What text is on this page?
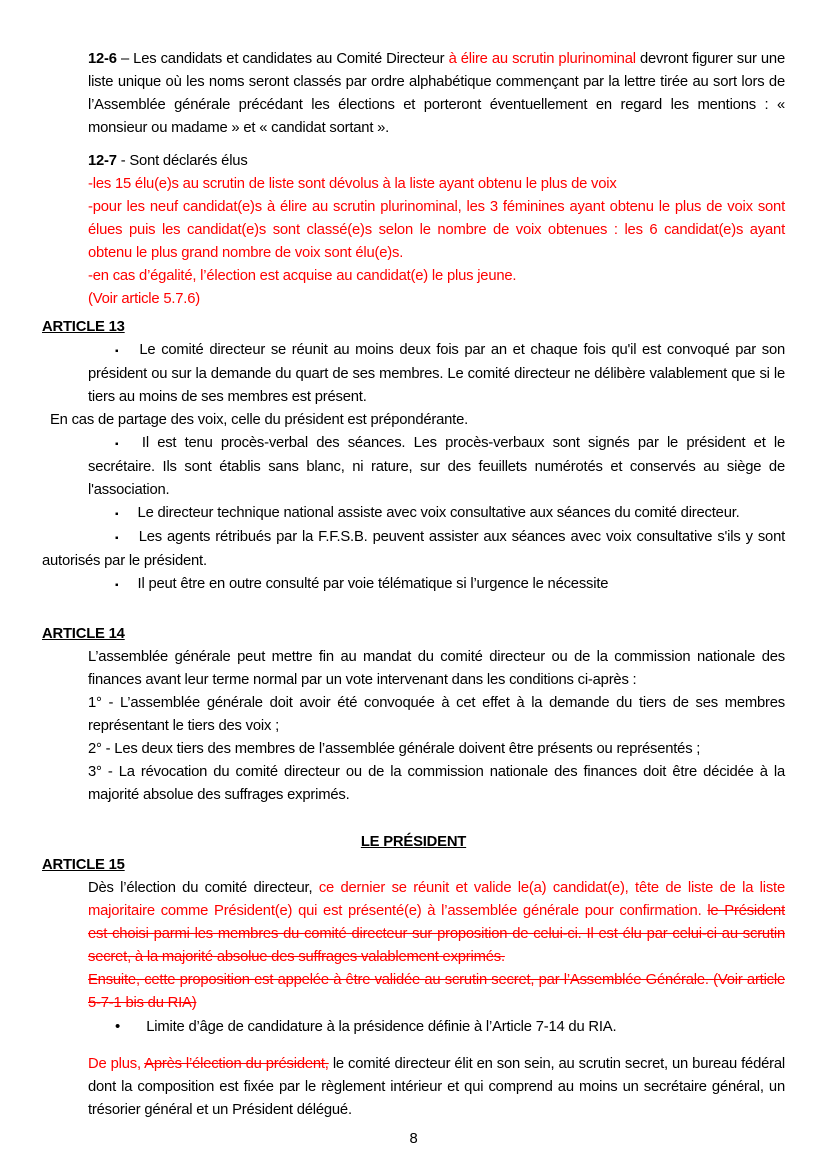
12-6 – Les candidats et candidates au Comité Directeur à élire au scrutin plurinominal devront figurer sur une liste unique où les noms seront classés par ordre alphabétique commençant par la lettre tirée au sort lors de l’Assemblée générale précédant les élections et porteront éventuellement en regard les mentions : « monsieur ou madame » et « candidat sortant ».

12-7 - Sont déclarés élus

-les 15 élu(e)s au scrutin de liste sont dévolus à la liste ayant obtenu le plus de voix

-pour les neuf candidat(e)s à élire au scrutin plurinominal, les 3 féminines ayant obtenu le plus de voix sont élues puis les candidat(e)s sont classé(e)s selon le nombre de voix obtenues : les 6 candidat(e)s ayant obtenu le plus grand nombre de voix sont élu(e)s.

-en cas d’égalité, l’élection est acquise au candidat(e) le plus jeune.

(Voir article 5.7.6)

ARTICLE 13

▪ Le comité directeur se réunit au moins deux fois par an et chaque fois qu'il est convoqué par son président ou sur la demande du quart de ses membres. Le comité directeur ne délibère valablement que si le tiers au moins de ses membres est présent.

En cas de partage des voix, celle du président est prépondérante.

▪ Il est tenu procès-verbal des séances. Les procès-verbaux sont signés par le président et le secrétaire. Ils sont établis sans blanc, ni rature, sur des feuillets numérotés et conservés au siège de l'association.

▪ Le directeur technique national assiste avec voix consultative aux séances du comité directeur.

▪ Les agents rétribués par la F.F.S.B. peuvent assister aux séances avec voix consultative s'ils y sont autorisés par le président.

▪ Il peut être en outre consulté par voie télématique si l’urgence le nécessite

ARTICLE 14

L’assemblée générale peut mettre fin au mandat du comité directeur ou de la commission nationale des finances avant leur terme normal par un vote intervenant dans les conditions ci-après :

1° - L’assemblée générale doit avoir été convoquée à cet effet à la demande du tiers de ses membres représentant le tiers des voix ;

2° - Les deux tiers des membres de l’assemblée générale doivent être présents ou représentés ;

3° - La révocation du comité directeur ou de la commission nationale des finances doit être décidée à la majorité absolue des suffrages exprimés.

LE PRÉSIDENT

ARTICLE 15

Dès l’élection du comité directeur, ce dernier se réunit et valide le(a) candidat(e), tête de liste de la liste majoritaire comme Président(e) qui est présenté(e) à l’assemblée générale pour confirmation. le Président est choisi parmi les membres du comité directeur sur proposition de celui-ci. Il est élu par celui-ci au scrutin secret, à la majorité absolue des suffrages valablement exprimés.

Ensuite, cette proposition est appelée à être validée au scrutin secret, par l’Assemblée Générale. (Voir article 5-7-1 bis du RIA)

• Limite d’âge de candidature à la présidence définie à l’Article 7-14 du RIA.

De plus, Après l’élection du président, le comité directeur élit en son sein, au scrutin secret, un bureau fédéral dont la composition est fixée par le règlement intérieur et qui comprend au moins un secrétaire général, un trésorier général et un Président délégué.

8
